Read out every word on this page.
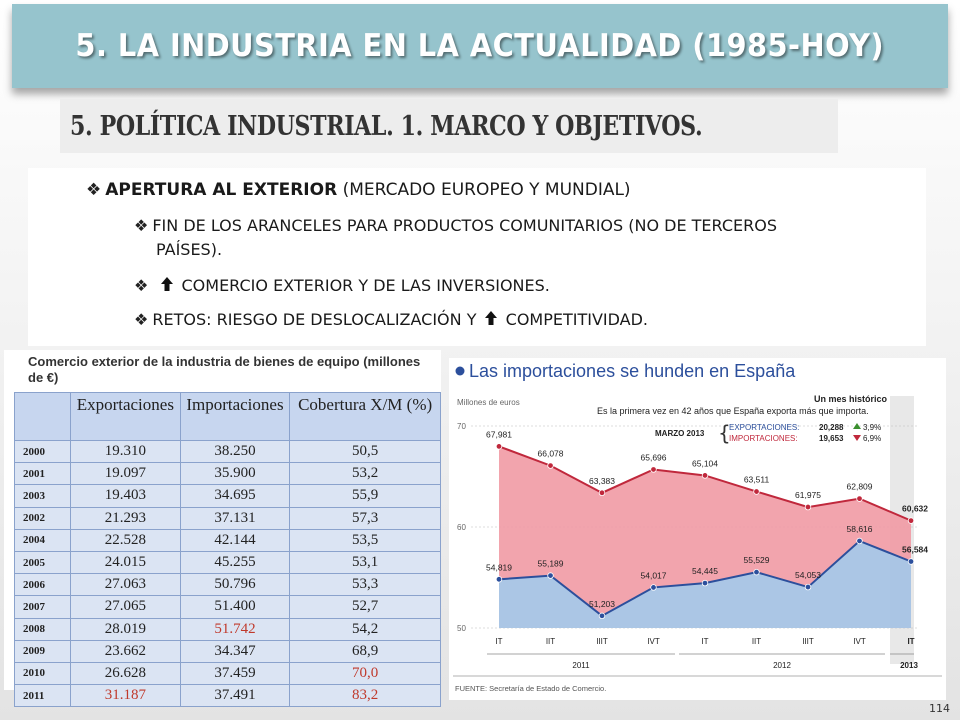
5. LA INDUSTRIA EN LA ACTUALIDAD (1985-HOY)
5. POLÍTICA INDUSTRIAL. 1. MARCO Y OBJETIVOS.
❖ APERTURA AL EXTERIOR (MERCADO EUROPEO Y MUNDIAL)
❖ FIN DE LOS ARANCELES PARA PRODUCTOS COMUNITARIOS (NO DE TERCEROS
PAÍSES).
❖ COMERCIO EXTERIOR Y DE LAS INVERSIONES.
❖ RETOS: RIESGO DE DESLOCALIZACIÓN Y COMPETITIVIDAD.
Comercio exterior de la industria de bienes de equipo (millones de €)
	Exportaciones	Importaciones	Cobertura X/M (%)
2000	19.310	38.250	50,5
2001	19.097	35.900	53,2
2003	19.403	34.695	55,9
2002	21.293	37.131	57,3
2004	22.528	42.144	53,5
2005	24.015	45.255	53,1
2006	27.063	50.796	53,3
2007	27.065	51.400	52,7
2008	28.019	51.742	54,2
2009	23.662	34.347	68,9
2010	26.628	37.459	70,0
2011	31.187	37.491	83,2
Las importaciones se hunden en España
Millones de euros
67,981
66,078
63,383
65,696
65,104
63,511
61,975
62,809
60,632
54,819	55,189
51,203
54,017	54,445
55,529
54,053
58,616
56,584
70
60
50
IT	IIT	IIIT	IVT	IT	IIT	IIIT	IVT	IT
Un mes histórico
Es la primera vez en 42 años que España exporta más que importa.
MARZO 2013 {
EXPORTACIONES: 20,288 3,9%
IMPORTACIONES:	19,653 6,9%
2011	2012	2013
FUENTE: Secretaría de Estado de Comercio.
114
